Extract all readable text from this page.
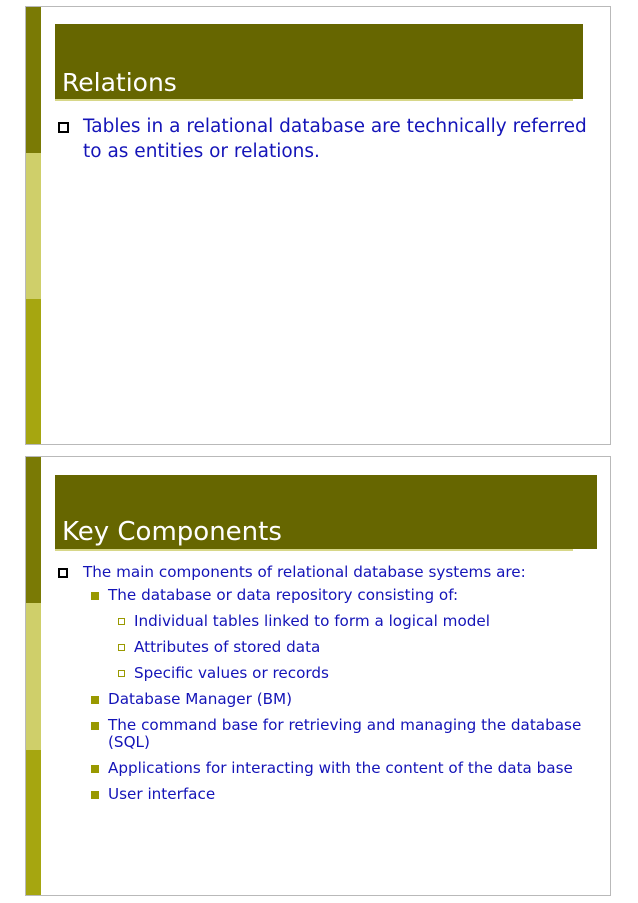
Relations
Tables in a relational database are technically referred to as entities or relations.
Key Components
The main components of relational database systems are:
The database or data repository consisting of:
Individual tables linked to form a logical model
Attributes of stored data
Specific values or records
Database Manager (BM)
The command base for retrieving and managing the database (SQL)
Applications for interacting with the content of the data base
User interface
